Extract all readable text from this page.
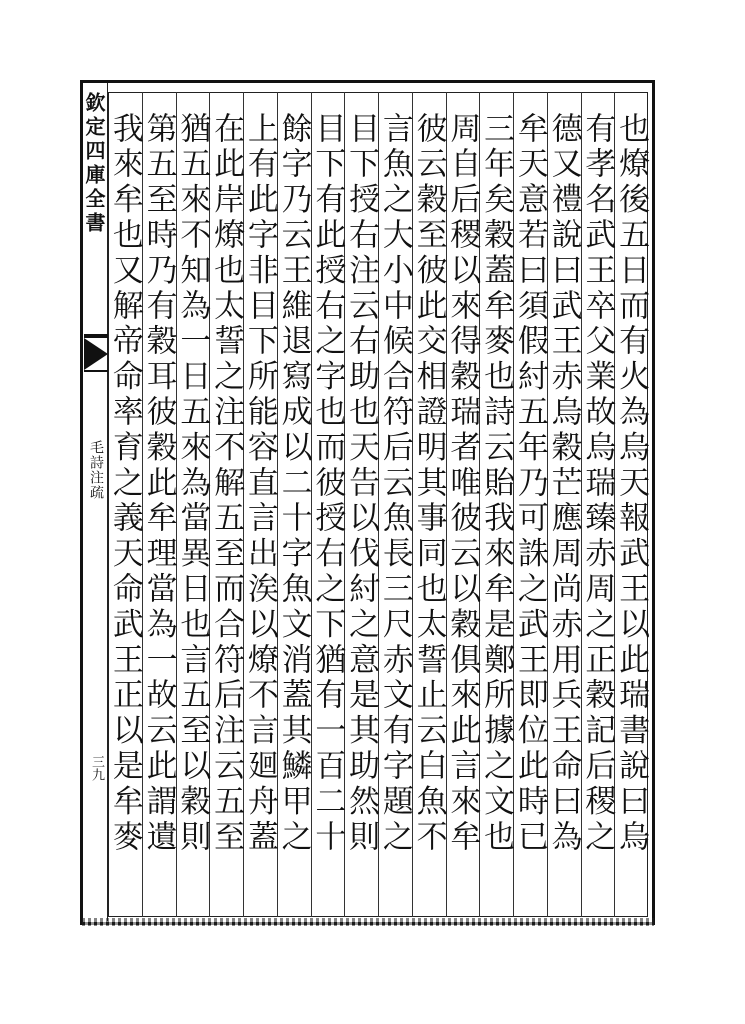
欽定四庫全書
毛詩注疏
三九	也燎後五日而有火為烏天報武王以此瑞書說曰烏
有孝名武王卒父業故烏瑞臻赤周之正穀記后稷之
德又禮說曰武王赤烏穀芒應周尚赤用兵王命曰為
牟天意若曰須假紂五年乃可誅之武王即位此時已
三年矣穀蓋牟麥也詩云貽我來牟是鄭所據之文也
周自后稷以來得穀瑞者唯彼云以穀俱來此言來牟
彼云穀至彼此交相證明其事同也太誓止云白魚不
言魚之大小中候合符后云魚長三尺赤文有字題之
目下授右注云右助也天告以伐紂之意是其助然則
目下有此授右之字也而彼授右之下猶有一百二十
餘字乃云王維退寫成以二十字魚文消蓋其鱗甲之
上有此字非目下所能容直言出涘以燎不言廻舟蓋
在此岸燎也太誓之注不解五至而合符后注云五至
猶五來不知為一日五來為當異日也言五至以穀則
第五至時乃有穀耳彼穀此牟理當為一故云此謂遺
我來牟也又解帝命率育之義天命武王正以是牟麥
